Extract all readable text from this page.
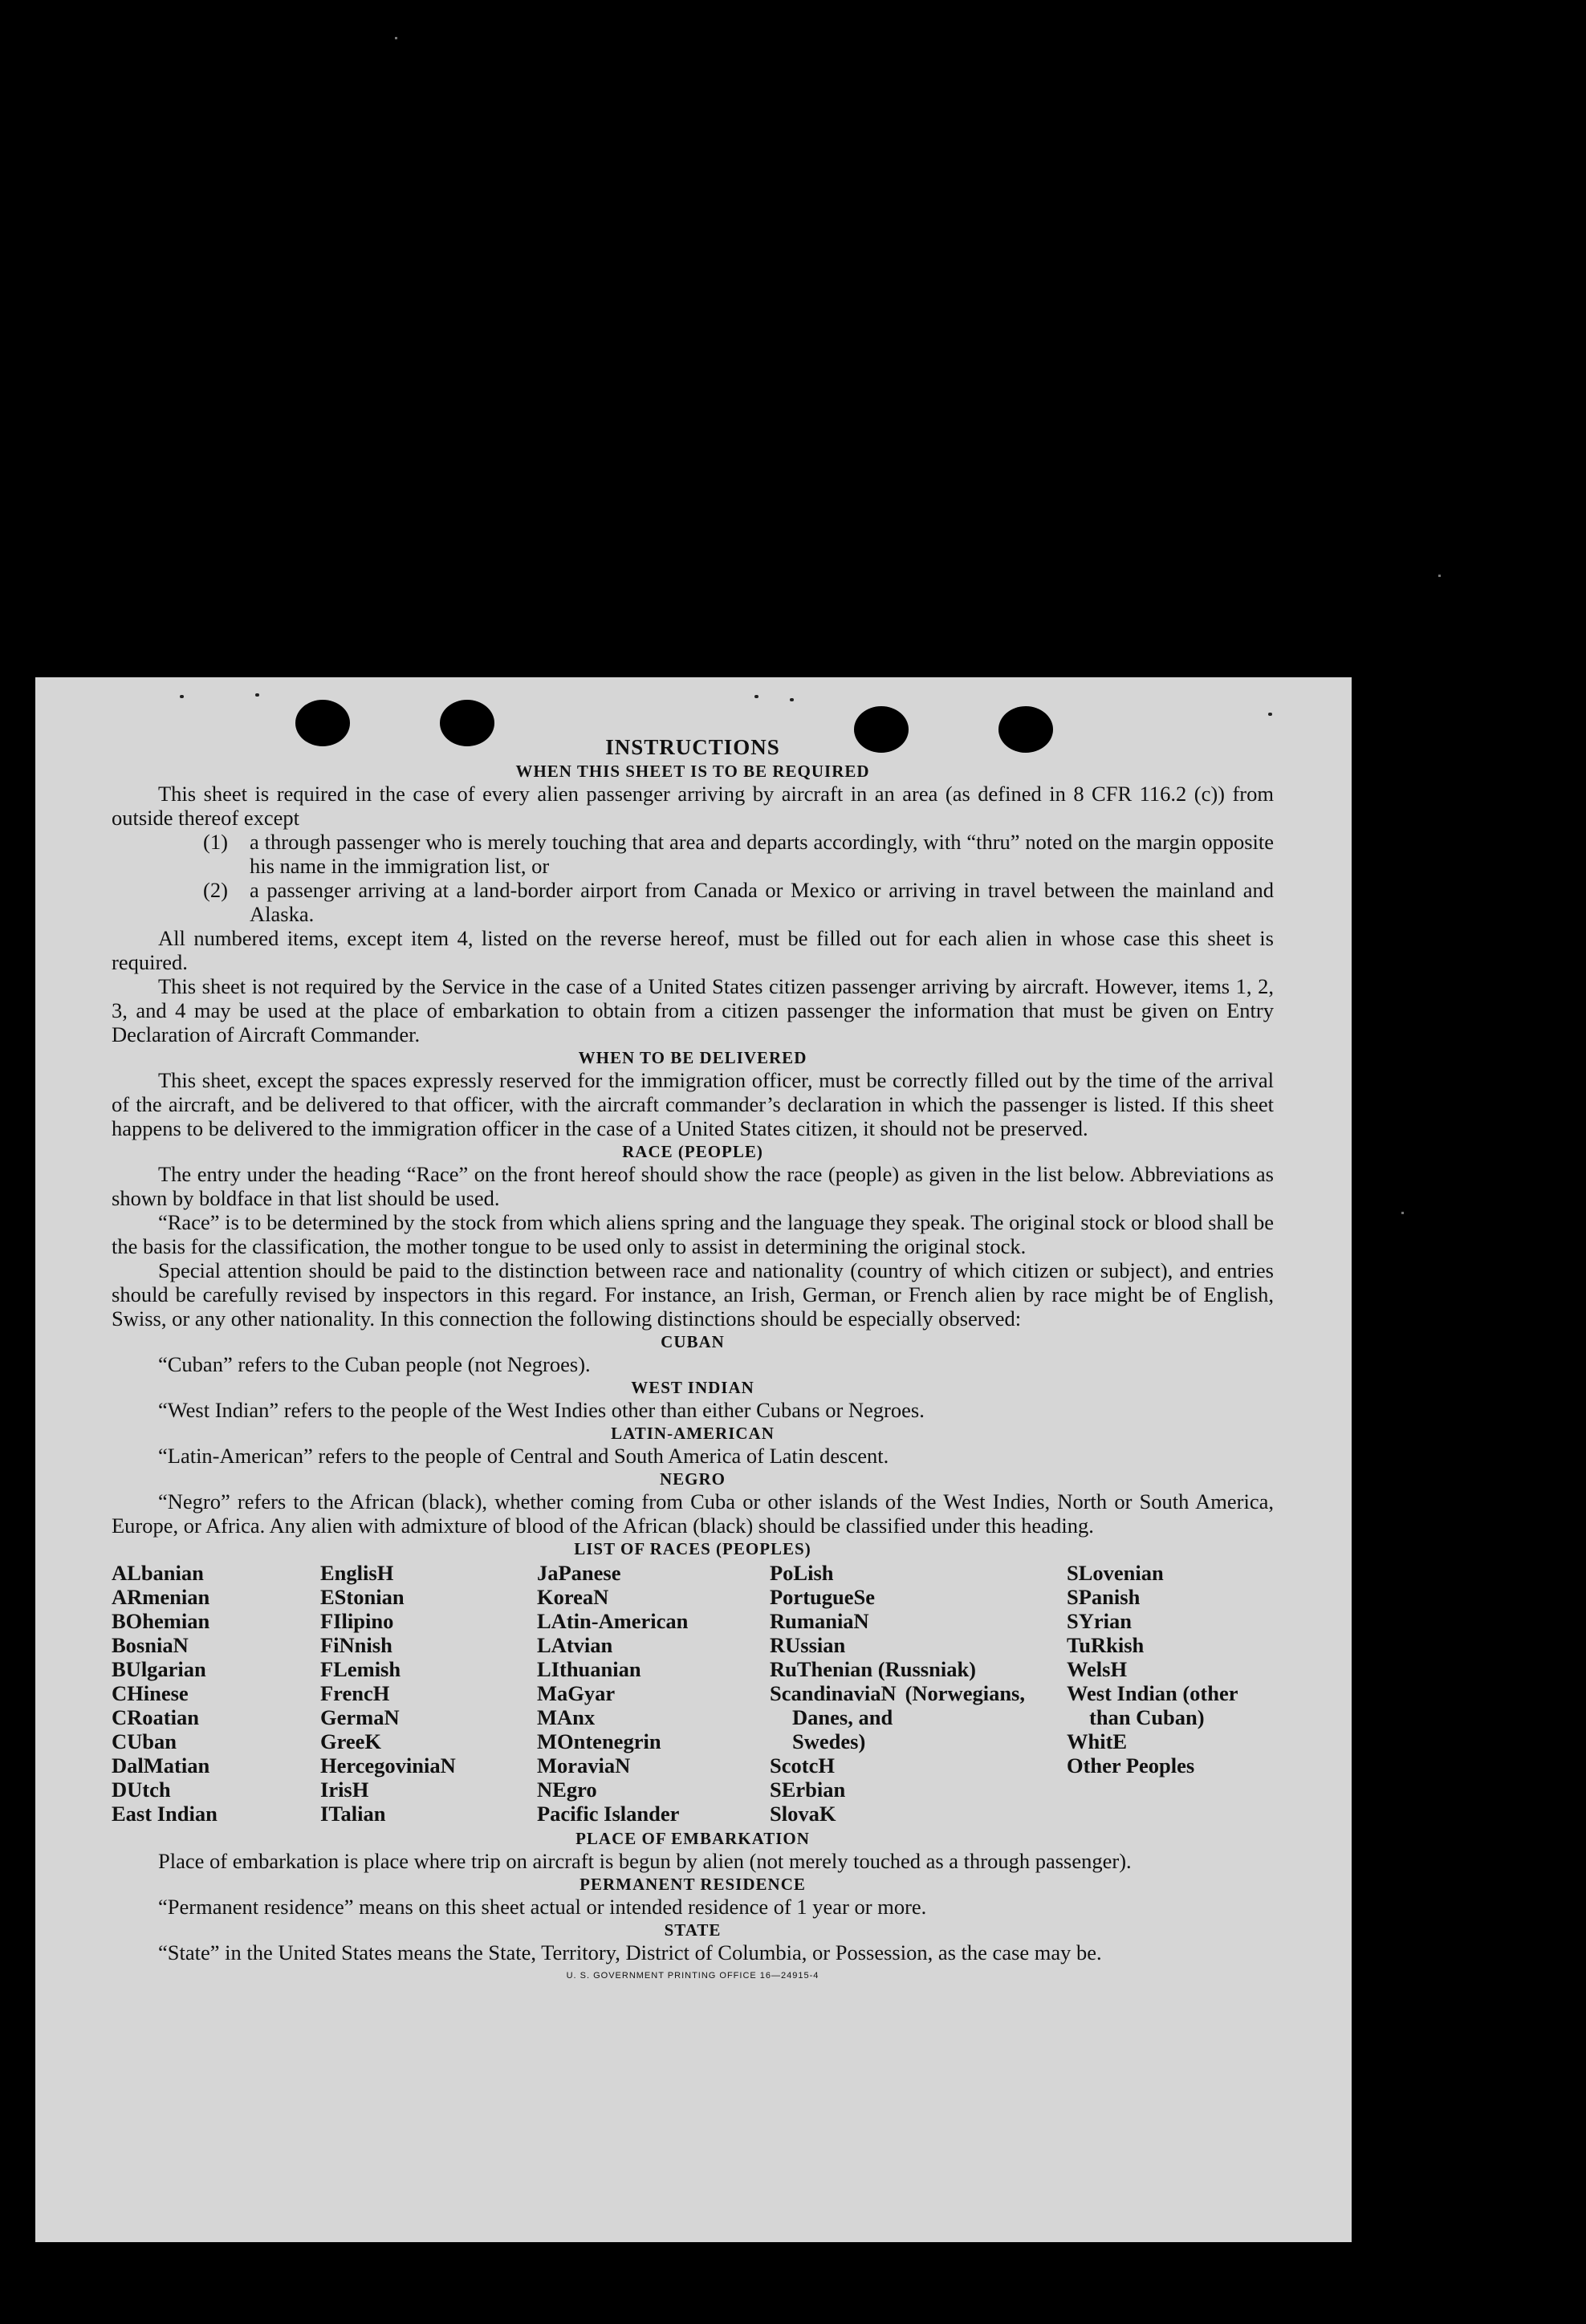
INSTRUCTIONS
WHEN THIS SHEET IS TO BE REQUIRED

This sheet is required in the case of every alien passenger arriving by aircraft in an area (as defined in 8 CFR 116.2 (c)) from outside thereof except

(1)	a through passenger who is merely touching that area and departs accordingly, with “thru” noted on the margin opposite his name in the immigration list, or
(2)	a passenger arriving at a land-border airport from Canada or Mexico or arriving in travel between the mainland and Alaska.

All numbered items, except item 4, listed on the reverse hereof, must be filled out for each alien in whose case this sheet is required.

This sheet is not required by the Service in the case of a United States citizen passenger arriving by aircraft. However, items 1, 2, 3, and 4 may be used at the place of embarkation to obtain from a citizen passenger the information that must be given on Entry Declaration of Aircraft Commander.

WHEN TO BE DELIVERED

This sheet, except the spaces expressly reserved for the immigration officer, must be correctly filled out by the time of the arrival of the aircraft, and be delivered to that officer, with the aircraft commander’s declaration in which the passenger is listed. If this sheet happens to be delivered to the immigration officer in the case of a United States citizen, it should not be preserved.

RACE (PEOPLE)

The entry under the heading “Race” on the front hereof should show the race (people) as given in the list below. Abbreviations as shown by boldface in that list should be used.

“Race” is to be determined by the stock from which aliens spring and the language they speak. The original stock or blood shall be the basis for the classification, the mother tongue to be used only to assist in determining the original stock.

Special attention should be paid to the distinction between race and nationality (country of which citizen or subject), and entries should be carefully revised by inspectors in this regard. For instance, an Irish, German, or French alien by race might be of English, Swiss, or any other nationality. In this connection the following distinctions should be especially observed:

CUBAN

“Cuban” refers to the Cuban people (not Negroes).

WEST INDIAN

“West Indian” refers to the people of the West Indies other than either Cubans or Negroes.

LATIN-AMERICAN

“Latin-American” refers to the people of Central and South America of Latin descent.

NEGRO

“Negro” refers to the African (black), whether coming from Cuba or other islands of the West Indies, North or South America, Europe, or Africa. Any alien with admixture of blood of the African (black) should be classified under this heading.

LIST OF RACES (PEOPLES)
ALbanian
ARmenian
BOhemian
BosniaN
BUlgarian
CHinese
CRoatian
CUban
DalMatian
DUtch
East Indian
EnglisH
EStonian
FIlipino
FiNnish
FLemish
FrencH
GermaN
GreeK
HercegoviniaN
IrisH
ITalian
JaPanese
KoreaN
LAtin-American
LAtvian
LIthuanian
MaGyar
MAnx
MOntenegrin
MoraviaN
NEgro
Pacific Islander
PoLish
PortugueSe
RumaniaN
RUssian
RuThenian (Russniak)
ScandinaviaN (Norwegians, Danes, and
Swedes)
ScotcH
SErbian
SlovaK
SLovenian
SPanish
SYrian
TuRkish
WelsH
West Indian (other
than Cuban)
WhitE
Other Peoples
PLACE OF EMBARKATION

Place of embarkation is place where trip on aircraft is begun by alien (not merely touched as a through passenger).

PERMANENT RESIDENCE

“Permanent residence” means on this sheet actual or intended residence of 1 year or more.

STATE

“State” in the United States means the State, Territory, District of Columbia, or Possession, as the case may be.

U. S. GOVERNMENT PRINTING OFFICE 16—24915-4
